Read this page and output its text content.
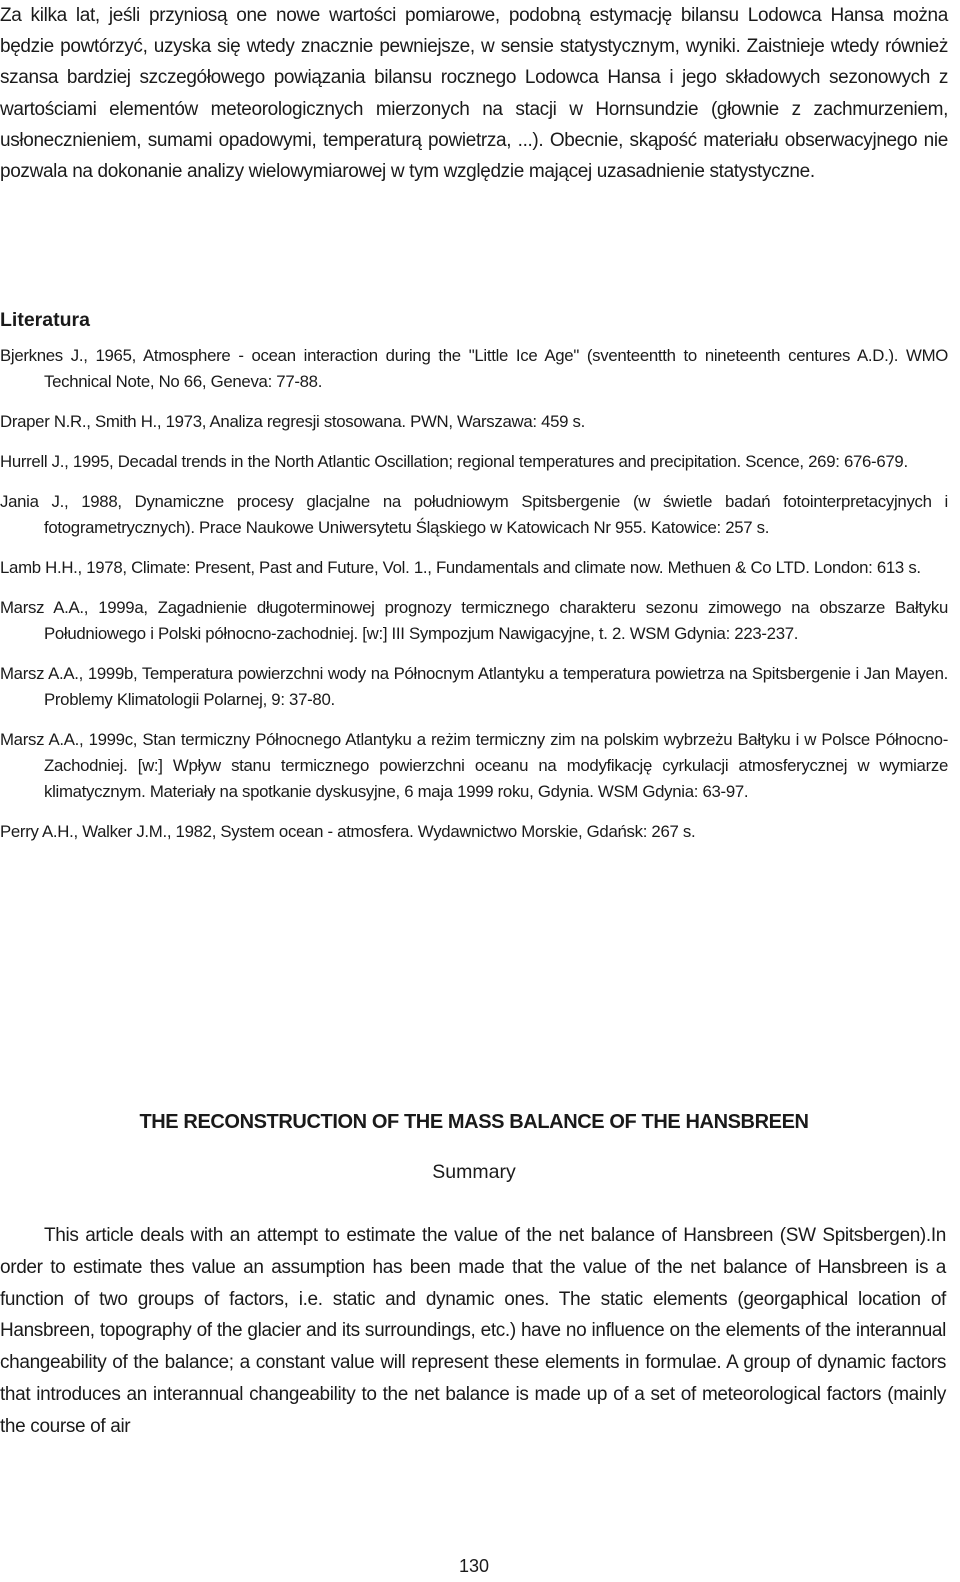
Za kilka lat, jeśli przyniosą one nowe wartości pomiarowe, podobną estymację bilansu Lodowca Hansa można będzie powtórzyć, uzyska się wtedy znacznie pewniejsze, w sensie statystycznym, wyniki. Zaistnieje wtedy również szansa bardziej szczegółowego powiązania bilansu rocznego Lodowca Hansa i jego składowych sezonowych z wartościami elementów meteorologicznych mierzonych na stacji w Hornsundzie (głownie z zachmurzeniem, usłonecznieniem, sumami opadowymi, temperaturą powietrza, ...). Obecnie, skąpość materiału obserwacyjnego nie pozwala na dokonanie analizy wielowymiarowej w tym względzie mającej uzasadnienie statystyczne.

Literatura

Bjerknes J., 1965, Atmosphere - ocean interaction during the "Little Ice Age" (sventeentth to nineteenth centures A.D.). WMO Technical Note, No 66, Geneva: 77-88.

Draper N.R., Smith H., 1973, Analiza regresji stosowana. PWN, Warszawa: 459 s.

Hurrell J., 1995, Decadal trends in the North Atlantic Oscillation; regional temperatures and precipitation. Scence, 269: 676-679.

Jania J., 1988, Dynamiczne procesy glacjalne na południowym Spitsbergenie (w świetle badań fotointerpretacyjnych i fotogrametrycznych). Prace Naukowe Uniwersytetu Śląskiego w Katowicach Nr 955. Katowice: 257 s.

Lamb H.H., 1978, Climate: Present, Past and Future, Vol. 1., Fundamentals and climate now. Methuen & Co LTD. London: 613 s.

Marsz A.A., 1999a, Zagadnienie długoterminowej prognozy termicznego charakteru sezonu zimowego na obszarze Bałtyku Południowego i Polski północno-zachodniej. [w:] III Sympozjum Nawigacyjne, t. 2. WSM Gdynia: 223-237.

Marsz A.A., 1999b, Temperatura powierzchni wody na Północnym Atlantyku a temperatura powietrza na Spitsbergenie i Jan Mayen. Problemy Klimatologii Polarnej, 9: 37-80.

Marsz A.A., 1999c, Stan termiczny Północnego Atlantyku a reżim termiczny zim na polskim wybrzeżu Bałtyku i w Polsce Północno-Zachodniej. [w:] Wpływ stanu termicznego powierzchni oceanu na modyfikację cyrkulacji atmosferycznej w wymiarze klimatycznym. Materiały na spotkanie dyskusyjne, 6 maja 1999 roku, Gdynia. WSM Gdynia: 63-97.

Perry A.H., Walker J.M., 1982, System ocean - atmosfera. Wydawnictwo Morskie, Gdańsk: 267 s.

THE RECONSTRUCTION OF THE MASS BALANCE OF THE HANSBREEN

Summary

This article deals with an attempt to estimate the value of the net balance of Hansbreen (SW Spitsbergen).In order to estimate thes value an assumption has been made that the value of the net balance of Hansbreen is a function of two groups of factors, i.e. static and dynamic ones. The static elements (georgaphical location of Hansbreen, topography of the glacier and its surroundings, etc.) have no influence on the elements of the interannual changeability of the balance; a constant value will represent these elements in formulae. A group of dynamic factors that introduces an interannual changeability to the net balance is made up of a set of meteorological factors (mainly the course of air

130
